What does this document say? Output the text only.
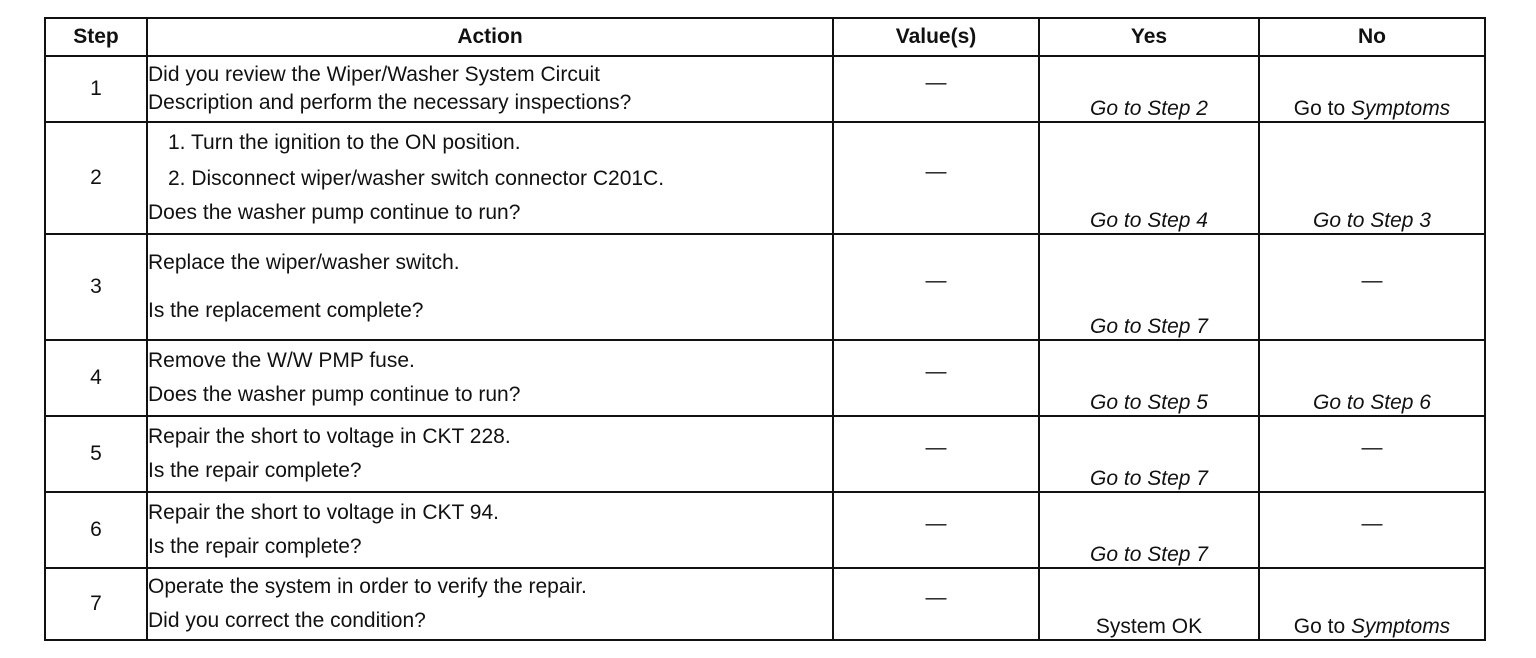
Step	Action	Value(s)	Yes	No
1	Did you review the Wiper/Washer System Circuit
Description and perform the necessary inspections?	—	Go to Step 2	Go to Symptoms
2	1. Turn the ignition to the ON position.
2. Disconnect wiper/washer switch connector C201C.
Does the washer pump continue to run?	—	Go to Step 4	Go to Step 3
3	Replace the wiper/washer switch.
Is the replacement complete?	—	Go to Step 7	—
4	Remove the W/W PMP fuse.
Does the washer pump continue to run?	—	Go to Step 5	Go to Step 6
5	Repair the short to voltage in CKT 228.
Is the repair complete?	—	Go to Step 7	—
6	Repair the short to voltage in CKT 94.
Is the repair complete?	—	Go to Step 7	—
7	Operate the system in order to verify the repair.
Did you correct the condition?	—	System OK	Go to Symptoms
